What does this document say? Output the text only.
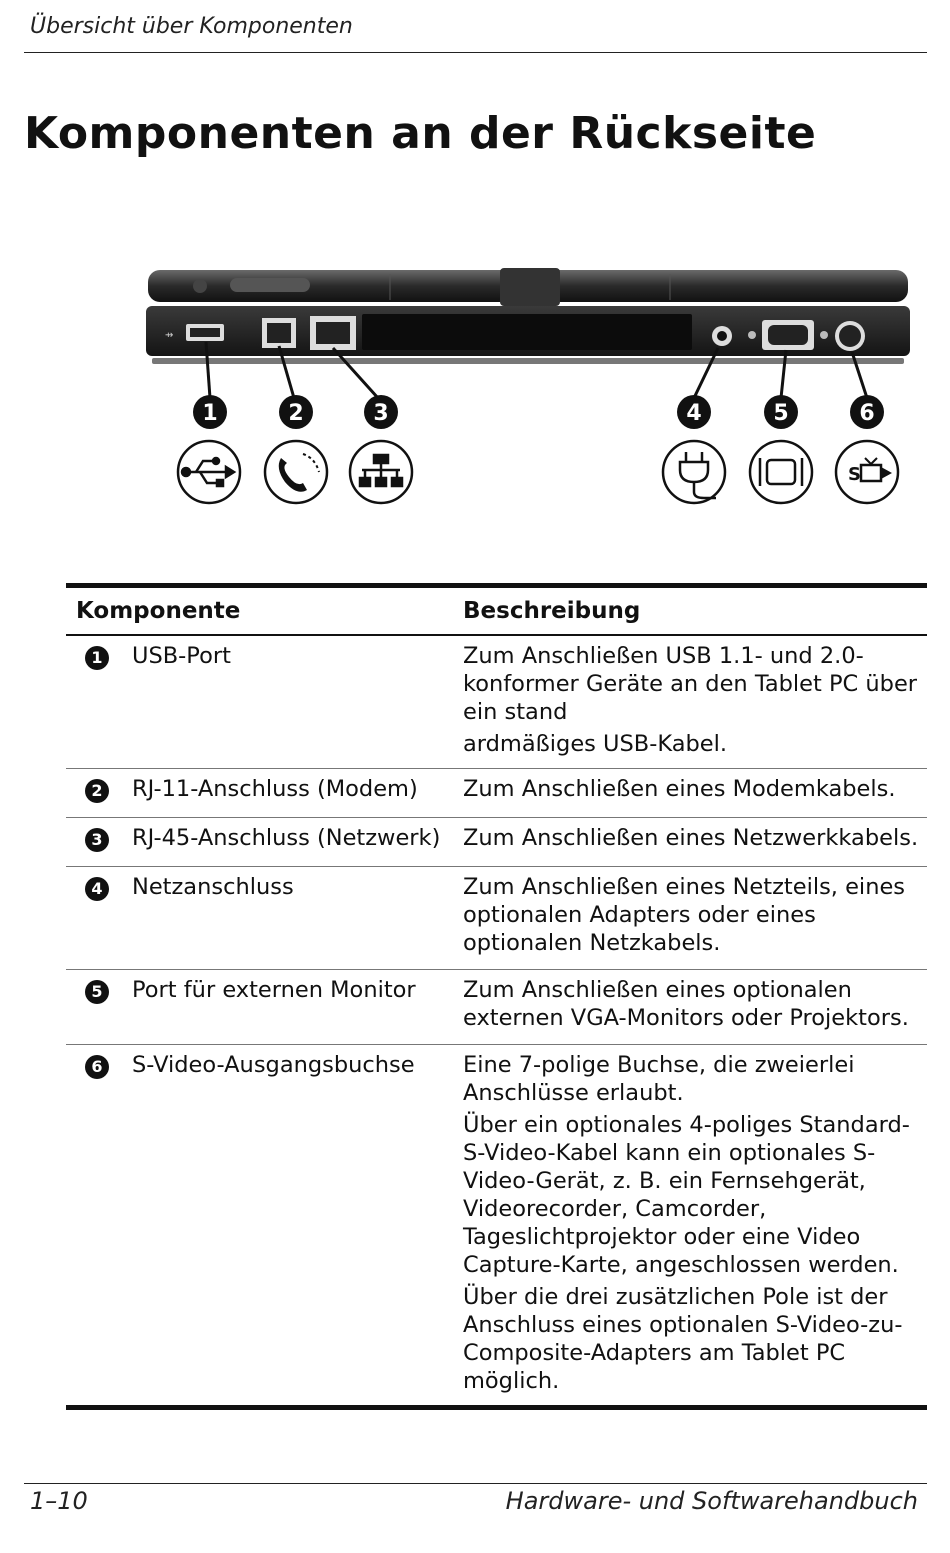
Übersicht über Komponenten
Komponenten an der Rückseite
⇸
1	2	3	4	5	6
S
Komponente	Beschreibung
1	USB-Port	Zum Anschließen USB 1.1- und 2.0-konformer Geräte an den Tablet PC über ein stand

ardmäßiges USB-Kabel.

2	RJ-11-Anschluss (Modem)	Zum Anschließen eines Modemkabels.

3	RJ-45-Anschluss (Netzwerk)	Zum Anschließen eines Netzwerkkabels.

4	Netzanschluss	Zum Anschließen eines Netzteils, eines optionalen Adapters oder eines optionalen Netzkabels.

5	Port für externen Monitor	Zum Anschließen eines optionalen externen VGA-Monitors oder Projektors.

6	S-Video-Ausgangsbuchse	Eine 7-polige Buchse, die zweierlei Anschlüsse erlaubt.

Über ein optionales 4-poliges Standard-S-Video-Kabel kann ein optionales S-Video-Gerät, z. B. ein Fernsehgerät, Videorecorder, Camcorder, Tageslichtprojektor oder eine Video Capture-Karte, angeschlossen werden.

Über die drei zusätzlichen Pole ist der Anschluss eines optionalen S-Video-zu-Composite-Adapters am Tablet PC möglich.

1–10	Hardware- und Softwarehandbuch
